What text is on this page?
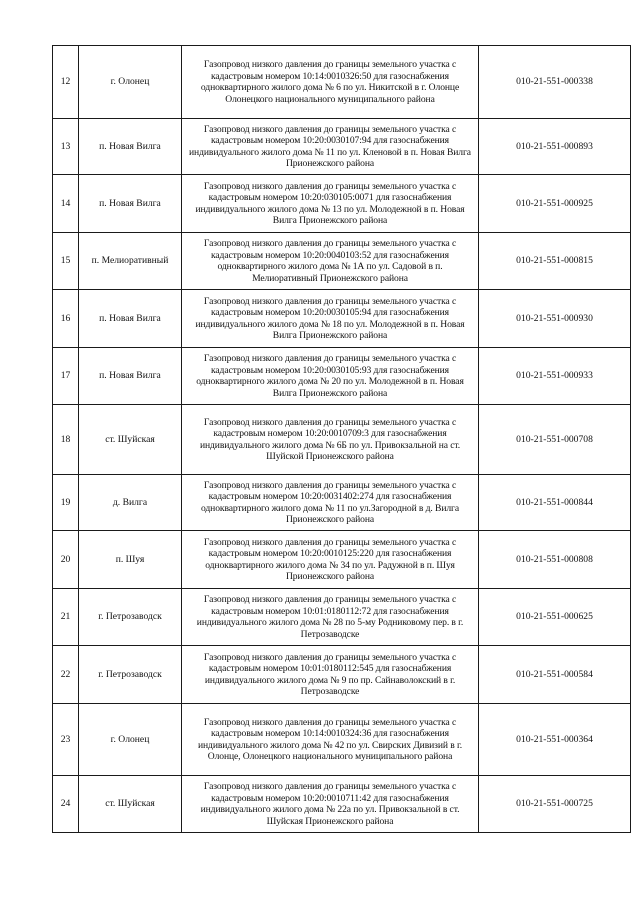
12	г. Олонец	Газопровод низкого давления до границы земельного участка с кадастровым номером 10:14:0010326:50 для газоснабжения одноквартирного жилого дома № 6 по ул. Никитской в г. Олонце Олонецкого национального муниципального района	010-21-551-000338
13	п. Новая Вилга	Газопровод низкого давления до границы земельного участка с кадастровым номером 10:20:0030107:94 для газоснабжения индивидуального жилого дома № 11 по ул. Кленовой в п. Новая Вилга Прионежского района	010-21-551-000893
14	п. Новая Вилга	Газопровод низкого давления до границы земельного участка с кадастровым номером 10:20:030105:0071 для газоснабжения индивидуального жилого дома № 13 по ул. Молодежной в п. Новая Вилга Прионежского района	010-21-551-000925
15	п. Мелиоративный	Газопровод низкого давления до границы земельного участка с кадастровым номером 10:20:0040103:52 для газоснабжения одноквартирного жилого дома № 1А по ул. Садовой в п. Мелиоративный Прионежского района	010-21-551-000815
16	п. Новая Вилга	Газопровод низкого давления до границы земельного участка с кадастровым номером 10:20:0030105:94 для газоснабжения индивидуального жилого дома № 18 по ул. Молодежной в п. Новая Вилга Прионежского района	010-21-551-000930
17	п. Новая Вилга	Газопровод низкого давления до границы земельного участка с кадастровым номером 10:20:0030105:93 для газоснабжения одноквартирного жилого дома № 20 по ул. Молодежной в п. Новая Вилга Прионежского района	010-21-551-000933
18	ст. Шуйская	Газопровод низкого давления до границы земельного участка с кадастровым номером 10:20:0010709:3 для газоснабжения индивидуального жилого дома № 6Б по ул. Привокзальной на ст. Шуйской Прионежского района	010-21-551-000708
19	д. Вилга	Газопровод низкого давления до границы земельного участка с кадастровым номером 10:20:0031402:274 для газоснабжения одноквартирного жилого дома № 11 по ул.Загородной в д. Вилга Прионежского района	010-21-551-000844
20	п. Шуя	Газопровод низкого давления до границы земельного участка с кадастровым номером 10:20:0010125:220 для газоснабжения одноквартирного жилого дома № 34 по ул. Радужной в п. Шуя Прионежского района	010-21-551-000808
21	г. Петрозаводск	Газопровод низкого давления до границы земельного участка с кадастровым номером 10:01:0180112:72 для газоснабжения индивидуального жилого дома № 28 по 5-му Родниковому пер. в г. Петрозаводске	010-21-551-000625
22	г. Петрозаводск	Газопровод низкого давления до границы земельного участка с кадастровым номером 10:01:0180112:545 для газоснабжения индивидуального жилого дома № 9 по пр. Сайнаволокский в г. Петрозаводске	010-21-551-000584
23	г. Олонец	Газопровод низкого давления до границы земельного участка с кадастровым номером 10:14:0010324:36 для газоснабжения индивидуального жилого дома № 42 по ул. Свирских Дивизий в г. Олонце, Олонецкого национального муниципального района	010-21-551-000364
24	ст. Шуйская	Газопровод низкого давления до границы земельного участка с кадастровым номером 10:20:0010711:42 для газоснабжения индивидуального жилого дома № 22а по ул. Привокзальной в ст. Шуйская Прионежского района	010-21-551-000725
